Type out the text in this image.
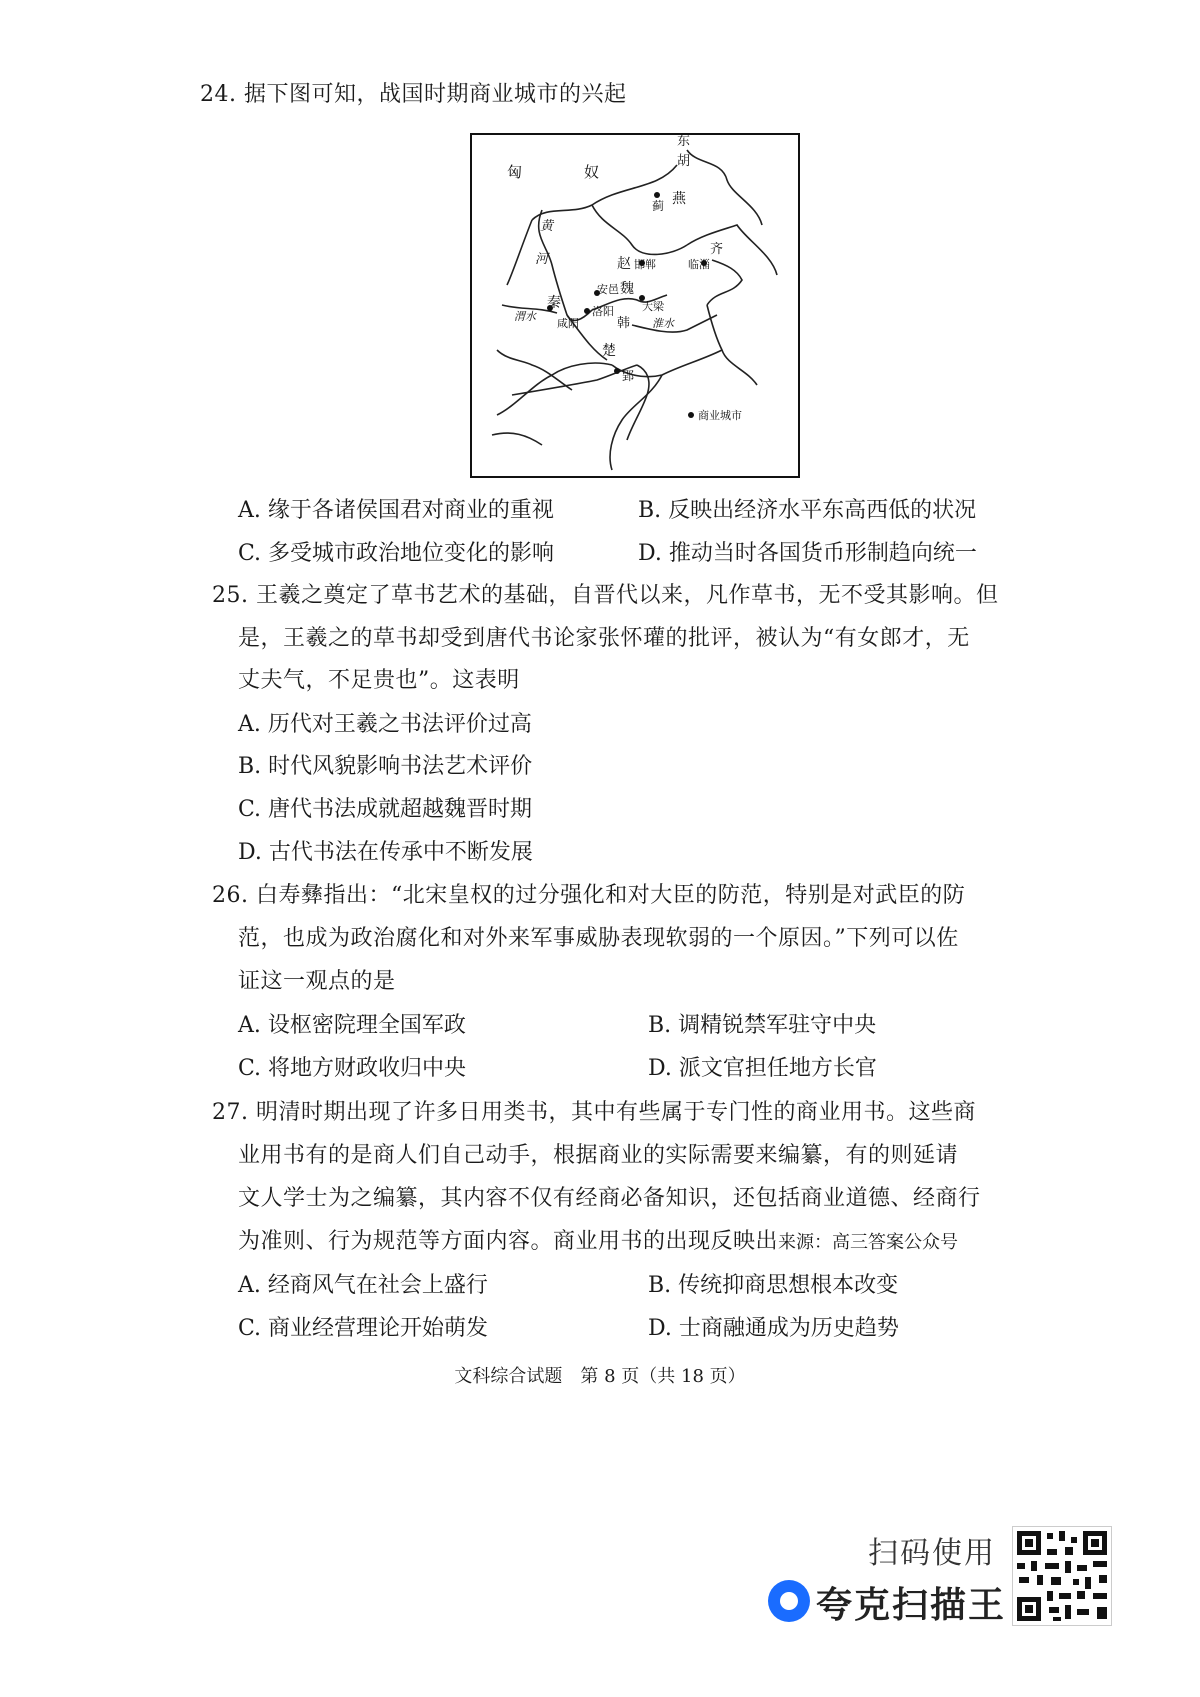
24. 据下图可知，战国时期商业城市的兴起
匈	奴
东
胡
蓟 燕
黄
河	赵 邯郸
齐
临淄
安邑 魏
秦	大梁
渭水
咸阳
洛阳
韩 淮水
楚
郢
商业城市
A. 缘于各诸侯国君对商业的重视	B. 反映出经济水平东高西低的状况
C. 多受城市政治地位变化的影响	D. 推动当时各国货币形制趋向统一
25. 王羲之奠定了草书艺术的基础，自晋代以来，凡作草书，无不受其影响。但
是，王羲之的草书却受到唐代书论家张怀瓘的批评，被认为“有女郎才，无
丈夫气，不足贵也”。这表明
A. 历代对王羲之书法评价过高
B. 时代风貌影响书法艺术评价
C. 唐代书法成就超越魏晋时期
D. 古代书法在传承中不断发展
26. 白寿彝指出：“北宋皇权的过分强化和对大臣的防范，特别是对武臣的防
范，也成为政治腐化和对外来军事威胁表现软弱的一个原因。”下列可以佐
证这一观点的是
A. 设枢密院理全国军政	B. 调精锐禁军驻守中央
C. 将地方财政收归中央	D. 派文官担任地方长官
27. 明清时期出现了许多日用类书，其中有些属于专门性的商业用书。这些商
业用书有的是商人们自己动手，根据商业的实际需要来编纂，有的则延请
文人学士为之编纂，其内容不仅有经商必备知识，还包括商业道德、经商行
为准则、行为规范等方面内容。商业用书的出现反映出来源：高三答案公众号
A. 经商风气在社会上盛行	B. 传统抑商思想根本改变
C. 商业经营理论开始萌发	D. 士商融通成为历史趋势
文科综合试题　第 8 页（共 18 页）
扫码使用
夸克扫描王
